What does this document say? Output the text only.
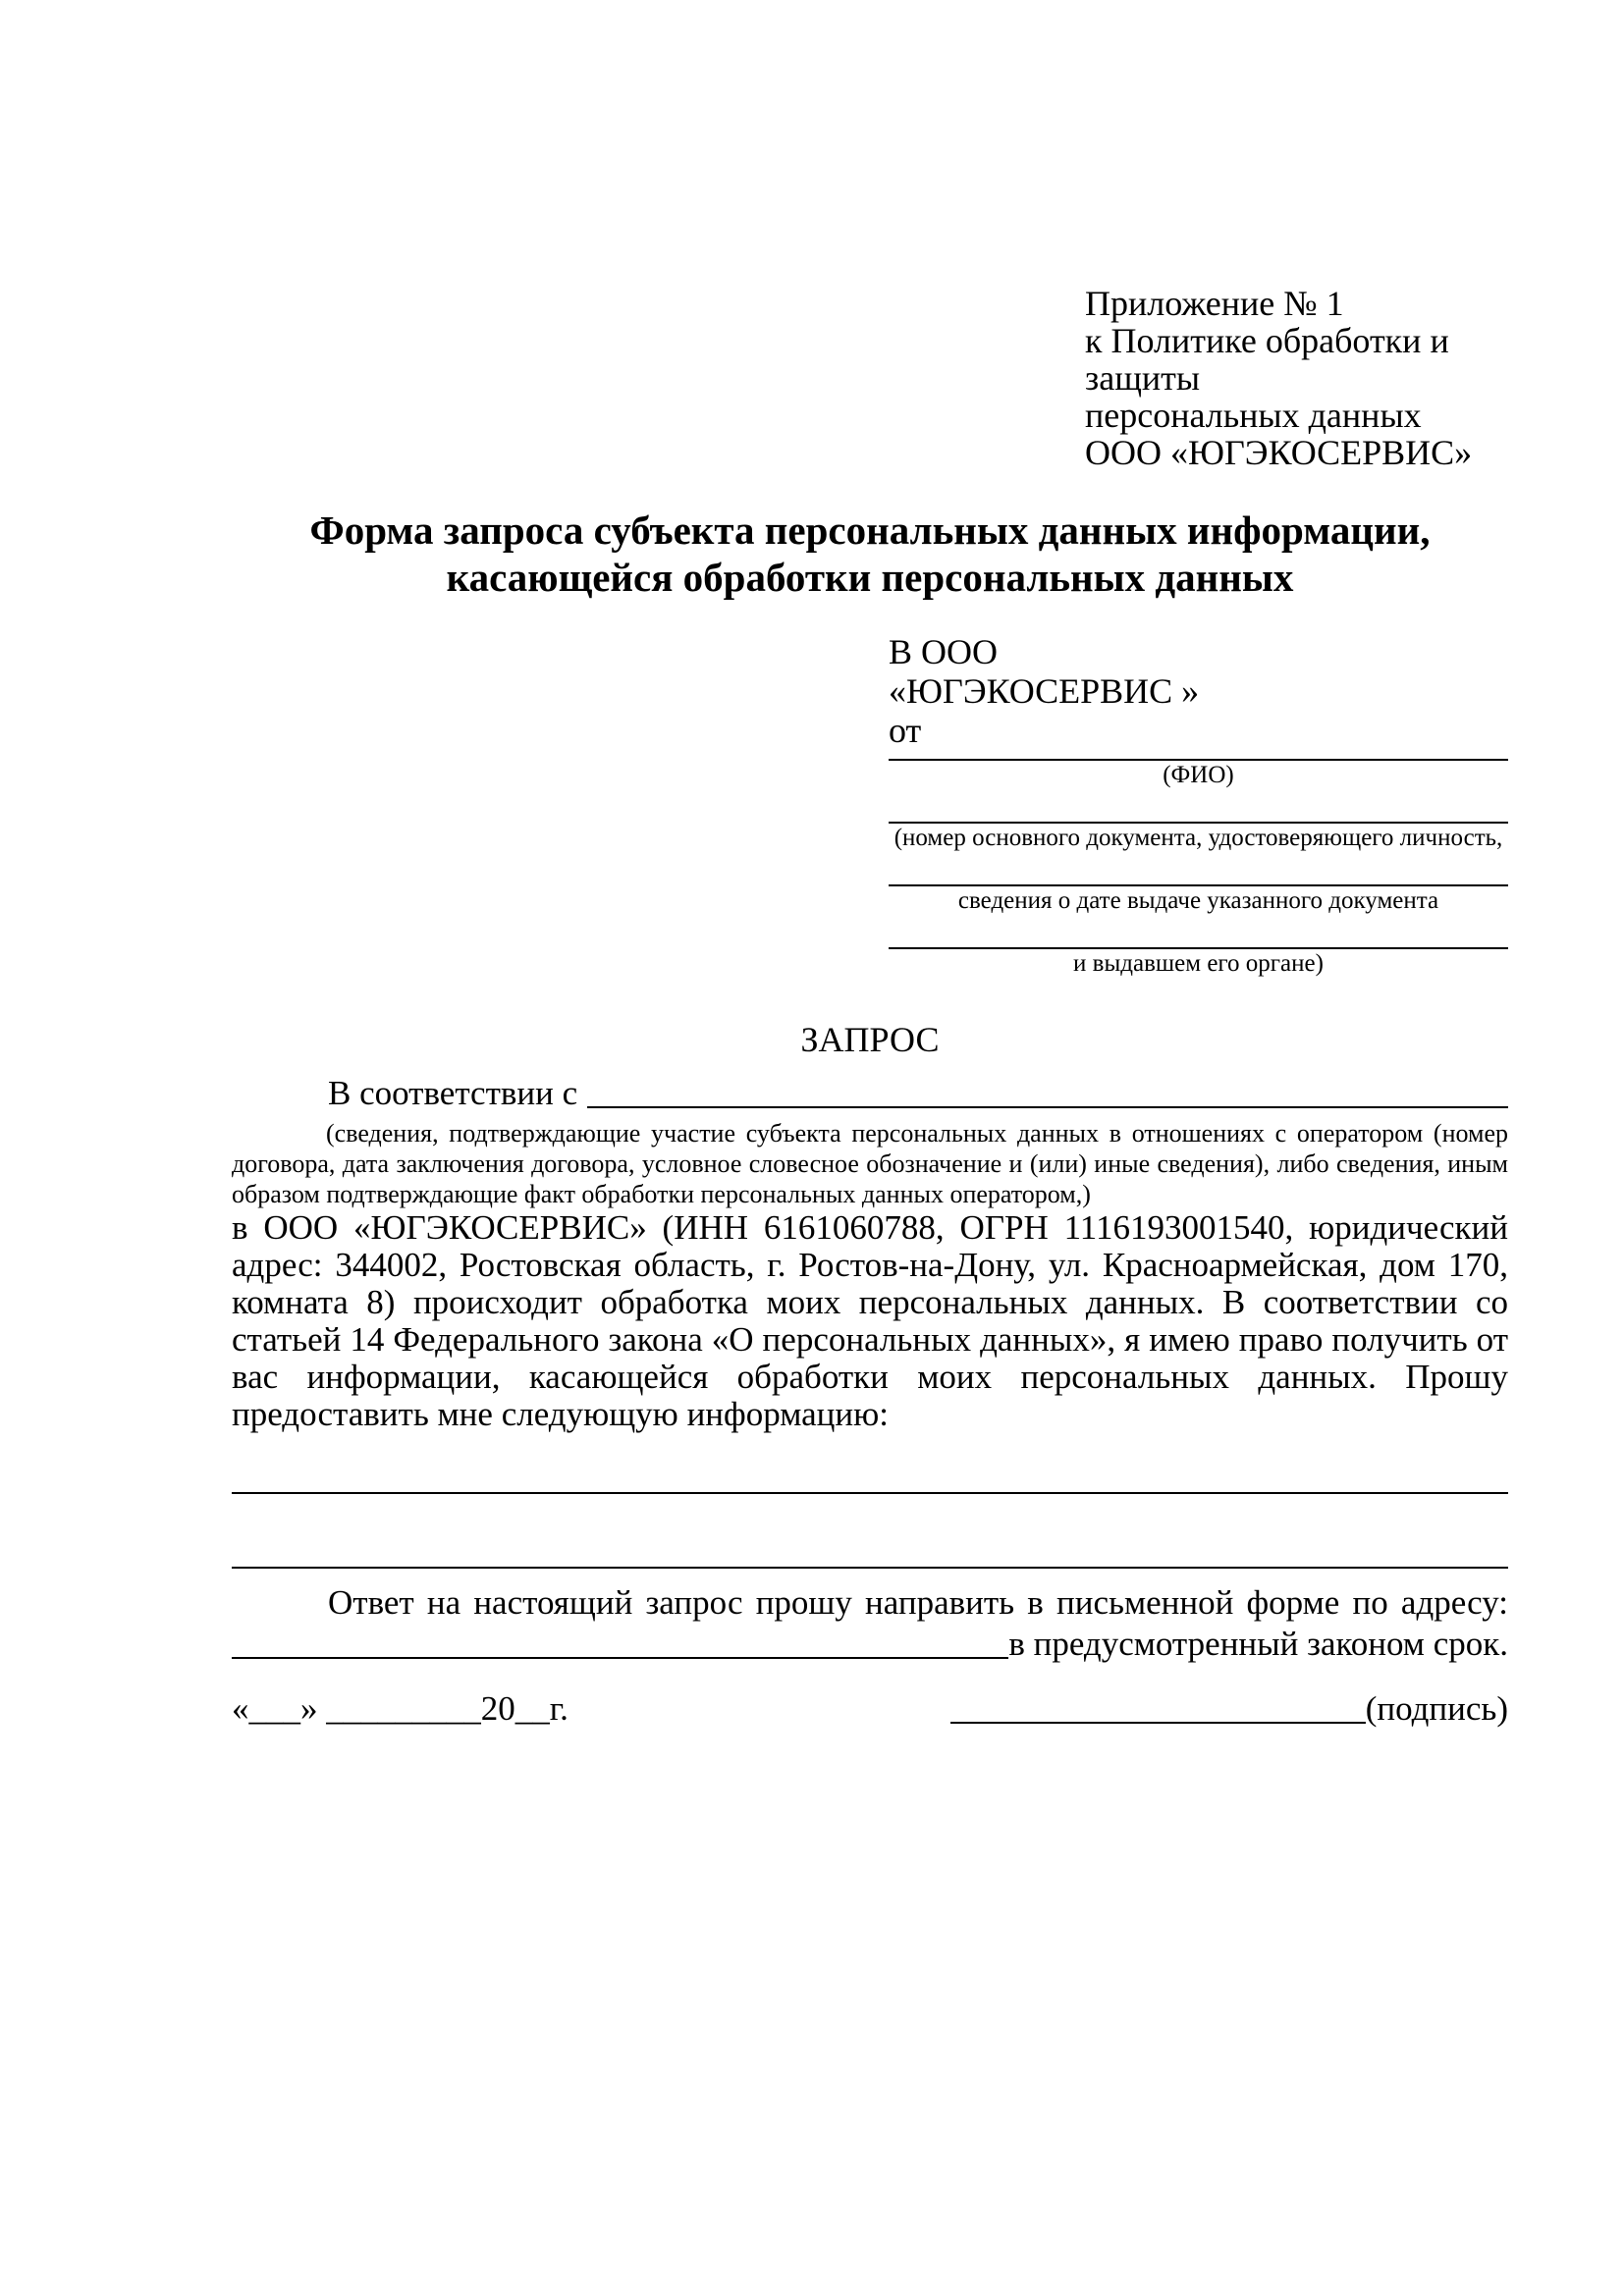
Приложение № 1
к Политике обработки и защиты
персональных данных
ООО «ЮГЭКОСЕРВИС»
Форма запроса субъекта персональных данных информации,
касающейся обработки персональных данных
В ООО
«ЮГЭКОСЕРВИС »
от
(ФИО)
(номер основного документа, удостоверяющего личность,
сведения о дате выдаче указанного документа
и выдавшем его органе)
ЗАПРОС
В соответствии с
(сведения, подтверждающие участие субъекта персональных данных в отношениях с оператором (номер договора, дата заключения договора, условное словесное обозначение и (или) иные сведения), либо сведения, иным образом подтверждающие факт обработки персональных данных оператором,)
в ООО «ЮГЭКОСЕРВИС» (ИНН 6161060788, ОГРН 1116193001540, юридический адрес: 344002, Ростовская область, г. Ростов-на-Дону, ул. Красноармейская, дом 170, комната 8) происходит обработка моих персональных данных. В соответствии со статьей 14 Федерального закона «О персональных данных», я имею право получить от вас информации, касающейся обработки моих персональных данных. Прошу предоставить мне следующую информацию:
Ответ на настоящий запрос прошу направить в письменной форме по адресу:
в предусмотренный законом срок.
«___» _________20__г.	(подпись)
